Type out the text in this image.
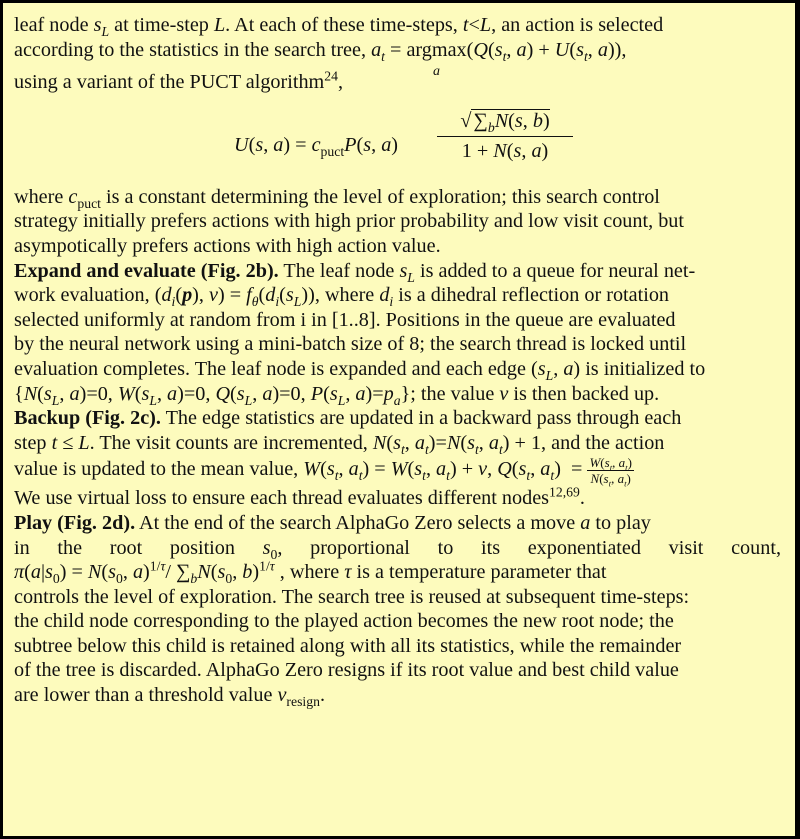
leaf node $s_L$ at time-step L. At each of these time-steps, t<L, an action is selected
according to the statistics in the search tree, $a_t = argmax$
a
($Q(s_t$, $a) + U(s_t$, a)),
using a variant of the PUCT algorithm$^{24}$,
U(s, $a) = c_{puct}P(s$, $a) \frac{√\sum_bN(s, b)}{1 + N(s, a)}$
where $c_{puct}$ is a constant determining the level of exploration; this search control
strategy initially prefers actions with high prior probability and low visit count, but
asympotically prefers actions with high action value.
Expand and evaluate (Fig. 2b). The leaf node $s_L$ is added to a queue for neural net-
work evaluation, ($d_i(p)$, $v) = f_\theta(d_i(s_L))$, where $d_i$ is a dihedral reflection or rotation
selected uniformly at random from i in [1..8]. Positions in the queue are evaluated
by the neural network using a mini-batch size of 8; the search thread is locked until
evaluation completes. The leaf node is expanded and each edge ($s_L$, a) is initialized to
{$N(s_L$, a)=0, $W(s_L$, a)=0, $Q(s_L$, a)=0, $P(s_L$, $a)=p_a$}; the value v is then backed up.
Backup (Fig. 2c). The edge statistics are updated in a backward pass through each
step t ≤ L. The visit counts are incremented, $N(s_t$, $a_t)=N(s_t$, $a_t) + 1$, and the action
value is updated to the mean value, $W(s_t$, $a_t) = W(s_t$, $a_t) + v$, $Q(s_t$, $a_t) = \frac{W(s_t, a_t)}{N(s_t, a_t)}$
We use virtual loss to ensure each thread evaluates different nodes$^{12,69}$.
Play (Fig. 2d). At the end of the search AlphaGo Zero selects a move a to play
in the root position $s_0$, proportional to its exponentiated visit count,
$\pi(a|s_0) = N(s_0$, a)$^{1/\tau}$/ $\sum_bN(s_0$, b)$^{1/\tau}$ , where τ is a temperature parameter that
controls the level of exploration. The search tree is reused at subsequent time-steps:
the child node corresponding to the played action becomes the new root node; the
subtree below this child is retained along with all its statistics, while the remainder
of the tree is discarded. AlphaGo Zero resigns if its root value and best child value
are lower than a threshold value $v_{resign}$.
